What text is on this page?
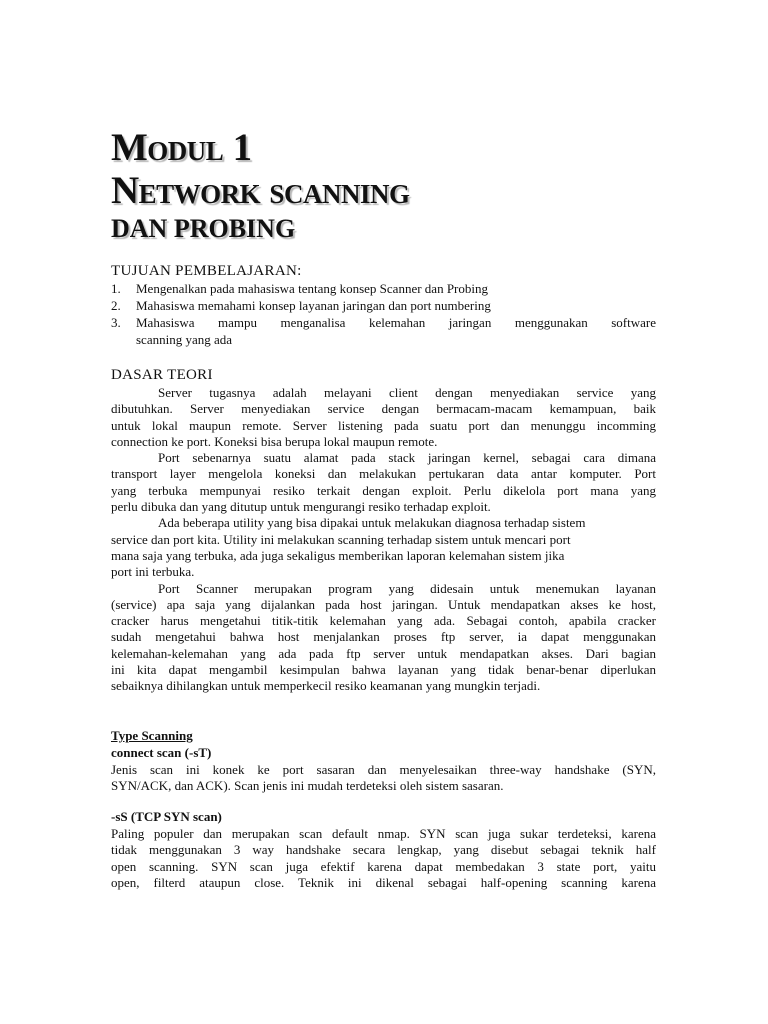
Modul 1
Network scanning
DAN PROBING
TUJUAN PEMBELAJARAN:
1.	Mengenalkan pada mahasiswa tentang konsep Scanner dan Probing
2.	Mahasiswa memahami konsep layanan jaringan dan port numbering
3.	Mahasiswa mampu menganalisa kelemahan jaringan menggunakan software
scanning yang ada
DASAR TEORI

Server tugasnya adalah melayani client dengan menyediakan service yang
dibutuhkan. Server menyediakan service dengan bermacam-macam kemampuan, baik
untuk lokal maupun remote. Server listening pada suatu port dan menunggu incomming
connection ke port. Koneksi bisa berupa lokal maupun remote.

Port sebenarnya suatu alamat pada stack jaringan kernel, sebagai cara dimana
transport layer mengelola koneksi dan melakukan pertukaran data antar komputer. Port
yang terbuka mempunyai resiko terkait dengan exploit. Perlu dikelola port mana yang
perlu dibuka dan yang ditutup untuk mengurangi resiko terhadap exploit.

Ada beberapa utility yang bisa dipakai untuk melakukan diagnosa terhadap sistem
service dan port kita. Utility ini melakukan scanning terhadap sistem untuk mencari port
mana saja yang terbuka, ada juga sekaligus memberikan laporan kelemahan sistem jika
port ini terbuka.

Port Scanner merupakan program yang didesain untuk menemukan layanan
(service) apa saja yang dijalankan pada host jaringan. Untuk mendapatkan akses ke host,
cracker harus mengetahui titik-titik kelemahan yang ada. Sebagai contoh, apabila cracker
sudah mengetahui bahwa host menjalankan proses ftp server, ia dapat menggunakan
kelemahan-kelemahan yang ada pada ftp server untuk mendapatkan akses. Dari bagian
ini kita dapat mengambil kesimpulan bahwa layanan yang tidak benar-benar diperlukan
sebaiknya dihilangkan untuk memperkecil resiko keamanan yang mungkin terjadi.

Type Scanning
connect scan (-sT)

Jenis scan ini konek ke port sasaran dan menyelesaikan three-way handshake (SYN,
SYN/ACK, dan ACK). Scan jenis ini mudah terdeteksi oleh sistem sasaran.

-sS (TCP SYN scan)

Paling populer dan merupakan scan default nmap. SYN scan juga sukar terdeteksi, karena
tidak menggunakan 3 way handshake secara lengkap, yang disebut sebagai teknik half
open scanning. SYN scan juga efektif karena dapat membedakan 3 state port, yaitu
open, filterd ataupun close. Teknik ini dikenal sebagai half-opening scanning karena
